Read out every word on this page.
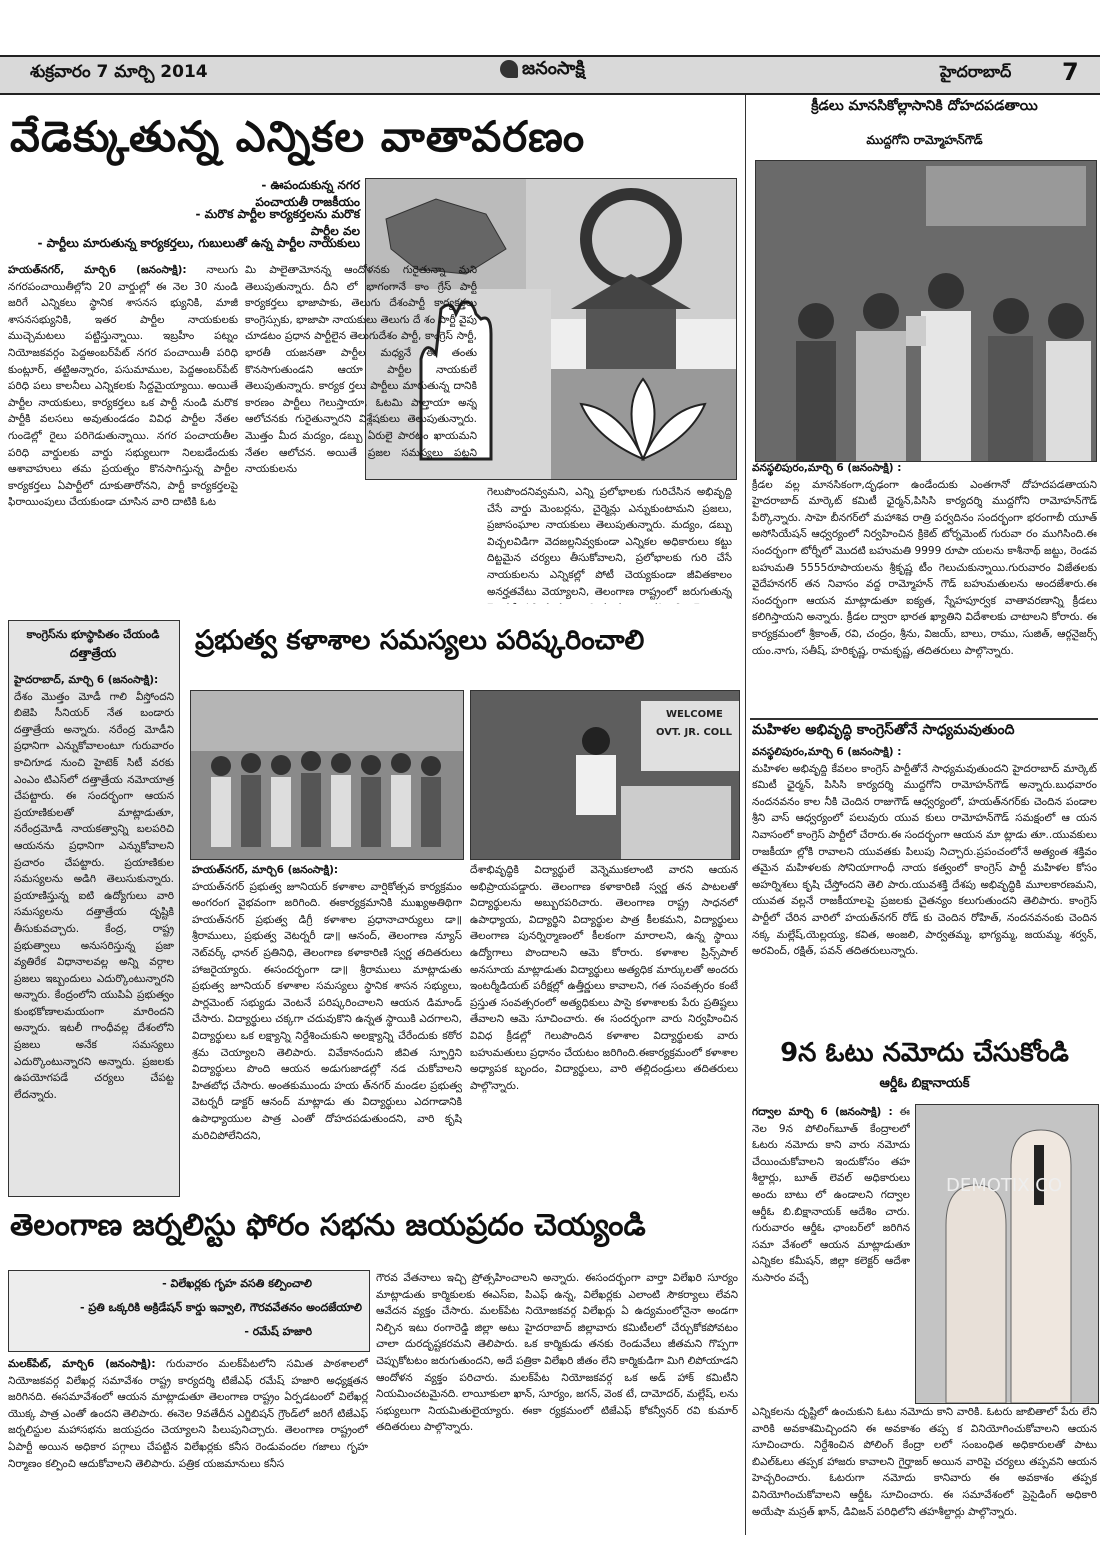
శుక్రవారం 7 మార్చి 2014	జనంసాక్షి	హైదరాబాద్ 7
వేడెక్కుతున్న ఎన్నికల వాతావరణం
- ఊపందుకున్న నగర పంచాయతీ రాజకీయం
- మరొక పార్టీల కార్యకర్తలను మరొక పార్టీల వల
- పార్టీలు మారుతున్న కార్యకర్తలు, గుబులుతో ఉన్న పార్టీల నాయకులు
హయత్‌నగర్, మార్చి6 (జనంసాక్షి): నాలుగు నగరపంచాయితీల్లోని 20 వార్డుల్లో ఈ నెల 30 నుండి జరిగే ఎన్నికలు స్థానిక శాసనస భ్యునికి, మాజీ శాసనసభ్యునికి, ఇతర పార్టీల నాయకులకు ముచ్చెమటలు పట్టిస్తున్నాయి. ఇబ్రహీం పట్నం నియోజకవర్గం పెద్దఅంబర్‌పేట్ నగర పంచాయితీ పరిధి కుంట్లూర్, తట్టిఅన్నారం, పసుమాముల, పెద్దఅంబర్‌పేట్ పరిధి పలు కాలనీలు ఎన్నికలకు సిద్దమైయ్యాయి. అయితే పార్టీల నాయకులు, కార్యకర్తలు ఒక పార్టీ నుండి మరొక పార్టీకి వలసలు అవుతుండడం వివిధ పార్టీల నేతల గుండెల్లో రైలు పరిగెడుతున్నాయి. నగర పంచాయతీల పరిధి వార్డులకు వార్డు సభ్యులుగా నిలబడేందుకు ఆశావాహులు తమ ప్రయత్నం కొనసాగిస్తున్న పార్టీల కార్యకర్తలు ఏపార్టీలో దూకుతారోనని, పార్టీ కార్యకర్తలపై ఫిరాయింపులు చేయకుండా చూసిన వారి దాటికి ఓట
మి పాలైతామోనన్న ఆందోళనకు గురైతున్నా మని తెలుపుతున్నారు. దీని లో భాగంగానే కాం గ్రేస్ పార్టీ కార్యకర్తలు భాజాపాకు, తెలుగు దేశంపార్టీ కార్యకర్తలు కాంగ్రెస్సుకు, భాజాపా నాయకులు తెలుగు దే శం పార్టీ వైపు చూడటం ప్రధాన పార్టీలైన తెలుగుదేశం పార్టీ, కాంగ్రెస్ సార్టీ, భారతీ యజనతా పార్టీల మధ్యనే ఈ తంతు కొనసాగుతుండని ఆయా పార్టీల నాయకులే తెలుపుతున్నారు. కార్యక ర్తలు పార్టీలు మారుతున్న దానికి కారణం పార్టీలు గెలుస్తాయా, ఓటమి పాల్తాయా అన్న ఆలోచనకు గురైతున్నారని విశ్లేషకులు తెలుపుతున్నారు. మొత్తం మీద మద్యం, డబ్బు ఏరులై పారటం ఖాయమని నేతల ఆలోచన. అయితే ప్రజల సమస్యలు పట్టని నాయకులను
గెలుపొందనివ్వమని, ఎన్ని ప్రలోభాలకు గురిచేసిన అభివృద్ది చేసే వార్డు మెంబర్లను, చైర్మెన్లు ఎన్నుకుంటామని ప్రజలు, ప్రజాసంఘాల నాయకులు తెలుపుతున్నారు. మద్యం, డబ్బు విచ్చలవిడిగా వెదజల్లనివ్వకుండా ఎన్నికల అధికారులు కట్టు దిట్టమైన చర్యలు తీసుకోవాలని, ప్రలోభాలకు గురి చేసే నాయకులను ఎన్నికల్లో పోటీ చెయ్యకుండా జీవితకాలం అనర్హతవేటు వెయ్యాలని, తెలంగాణ రాష్ట్రంలో జరుగుతున్న
క్రీడలు మానసికోల్లాసానికి దోహదపడతాయి
ముద్దగోని రామ్మోహన్‌గౌడ్
వనస్థలిపురం,మార్చి 6 (జనంసాక్షి) :
క్రీడల వల్ల మానసికంగా,దృఢంగా ఉండేందుకు ఎంతగానో దోహదపడతాయని హైదరాబాద్ మార్కెట్ కమిటీ ఛైర్మన్,పిసిసి కార్యదర్శి ముద్దగోని రామోహన్‌గౌడ్ పేర్కొన్నారు. సాహె బీనగర్‌లో మహాశివ రాత్రి పర్వదినం సందర్భంగా భరంగాబీ యూత్ అసోసియేషన్ ఆధ్వర్యంలో నిర్వహించిన క్రికెట్ టోర్నమెంట్ గురువా రం ముగిసింది.ఈ సందర్భంగా టోర్నీలో మొదటి బహుమతి 9999 రూపా యలను కాశీనాథ్ జట్టు, రెండవ బహుమతి 5555రూపాయలను శ్రీకృష్ణ టీం గెలుచుకున్నాయి.గురువారం విజేతలకు వైదేహనగర్ తన నివాసం వద్ద రామ్మోహన్ గౌడ్ బహుమతులను అందజేశారు.ఈ సందర్భంగా ఆయన మాట్లాడుతూ ఐక్యత, స్నేహపూర్వక వాతావరణాన్ని క్రీడలు కలిగిస్తాయని అన్నారు. క్రీడల ద్వారా భారత ఖ్యాతిని విదేశాలకు చాటాలని కోరారు. ఈ కార్యక్రమంలో శ్రీకాంత్, రవి, చంద్రం, శ్రీను, విజయ్, బాలు, రాము, సుజిత్, ఆర్గనైజర్స్ యం.నాగు, సతీష్, హరికృష్ణ, రామకృష్ణ, తదితరులు పాల్గొన్నారు.
మహిళల అభివృద్ధి కాంగ్రెస్‌తోనే సాధ్యమవుతుంది
వనస్థలిపురం,మార్చి 6 (జనంసాక్షి) :
మహిళల అభివృద్ది కేవలం కాంగ్రెస్ పార్టీతోనే సాధ్యమవుతుందని హైదరాబాద్ మార్కెట్ కమిటీ ఛైర్మన్, పిసిసి కార్యదర్శి ముద్దగోని రామోహన్‌గౌడ్ అన్నారు.బుధవారం నందనవనం కాల నీకి చెందిన రాజుగౌడ్ ఆధ్వర్యంలో, హయత్‌నగర్‌కు చెందిన పండాల శ్రీని వాస్ ఆధ్వర్యంలో పలువురు యువ కులు రామోహన్‌గౌడ్ సమక్షంలో ఆ యన నివాసంలో కాంగ్రెస్ పార్టీలో చేరారు.ఈ సందర్భంగా ఆయన మా ట్లాడు తూ..యువకులు రాజకీయా ల్లోకి రావాలని యువతకు పిలుపు నిచ్చారు.ప్రపంచంలోనే అత్యంత శక్తివం తమైన మహిళలకు సోనియాగాంధీ నాయ కత్వంలో కాంగ్రెస్ పార్టీ మహిళల కోసం అహర్నిశలు కృషి చేస్తోందని తెలి పారు.యువశక్తి దేశపు అభివృద్ధికి మూలకారణమని, యువత వల్లనే రాజకీయాలపై ప్రజలకు చైతన్యం కలుగుతుందని తెలిపారు. కాంగ్రెస్ పార్టీలో చేరిన వారిలో హయత్‌నగర్ రోడ్ కు చెందిన రోహిత్, నందనవనంకు చెందిన నక్క మల్లేష్,యెల్లయ్య, కవిత, అంజలి, పార్వతమ్మ, భాగ్యమ్మ, జయమ్మ, శర్వన్, అరవింద్, రక్షిత్, పవన్ తదితరులున్నారు.
9న ఓటు నమోదు చేసుకోండి
ఆర్డీఓ బిక్షానాయక్
గద్వాల మార్చి 6 (జనంసాక్షి) : ఈ నెల 9న పోలింగ్‌బూత్ కేంద్రాలలో ఓటరు నమోదు కాని వారు నమోదు చేయించుకోవాలని ఇందుకోసం తహ శీల్దార్లు, బూత్ లెవల్ అధికారులు అందు బాటు లో ఉండాలని గద్వాల ఆర్డీఓ బి.బిక్షానాయక్ ఆదేశిం చారు. గురువారం ఆర్డీఓ ఛాంబర్‌లో జరిగిన సమా వేశంలో ఆయన మాట్లాడుతూ ఎన్నికల కమీషన్, జిల్లా కలెక్టర్ ఆదేశా నుసారం వచ్చే
DEMOTIX.CO
ఎన్నికలను దృష్టిలో ఉంచుకుని ఓటు నమోదు కాని వారికి. ఓటరు జాబితాలో పేరు లేని వారికి అవకాశమిచ్చిందని ఈ అవకాశం తప్ప క వినియోగించుకోవాలని ఆయన సూచించారు. నిర్దేశించిన పోలింగ్ కేంద్రా లలో సంబంధిత అధికారులతో పాటు బిఎల్‌ఓలు తప్పక హాజరు కావాలని గైర్హాజర్ అయిన వారిపై చర్యలు తప్పవని ఆయన హెచ్చరించారు. ఓటరుగా నమోదు కానివారు ఈ అవకాశం తప్పక వినియోగించుకోవాలని ఆర్డీఓ సూచించారు. ఈ సమావేశంలో ప్రెసైడింగ్ అధికారి అయేషా మస్రత్ ఖాన్, డివిజన్ పరిధిలోని తహశీల్దార్లు పాల్గొన్నారు.
కాంగ్రెస్‌ను భూస్థాపితం చేయండి
దత్తాత్రేయ
హైదరాబాద్, మార్చి 6 (జనంసాక్షి):
దేశం మొత్తం మోడీ గాలి వీస్తోందని బిజెపి సీనియర్ నేత బండారు దత్తాత్రేయ అన్నారు. నరేంద్ర మోడీని ప్రధానిగా ఎన్నుకోవాలంటూ గురువారం కాచిగూడ నుంచి హైటెక్ సిటీ వరకు ఎంఎం టిఎస్‌లో దత్తాత్రేయ నమోయాత్ర చేపట్టారు. ఈ సందర్భంగా ఆయన ప్రయాణికులతో మాట్లాడుతూ, నరేంద్రమోడీ నాయకత్వాన్ని బలపరిచి ఆయనను ప్రధానిగా ఎన్నుకోవాలని ప్రచారం చేపట్టారు. ప్రయాణికుల సమస్యలను అడిగి తెలుసుకున్నారు. ప్రయాణిస్తున్న ఐటి ఉద్యోగులు వారి సమస్యలను దత్తాత్రేయ దృష్టికి తీసుకువచ్చారు. కేంద్ర, రాష్ట్ర ప్రభుత్వాలు అనుసరిస్తున్న ప్రజా వ్యతిరేక విధానాలవల్ల అన్ని వర్గాల ప్రజలు ఇబ్బందులు ఎదుర్కొంటున్నారని అన్నారు. కేంద్రంలోని యుపిఏ ప్రభుత్వం కుంభకోణాలమయంగా మారిందని అన్నారు. ఇటలీ గాంధీవల్ల దేశంలోని ప్రజలు అనేక సమస్యలు ఎదుర్కొంటున్నారని అన్నారు. ప్రజలకు ఉపయోగపడే చర్యలు చేపట్ట లేదన్నారు.
ప్రభుత్వ కళాశాల సమస్యలు పరిష్కరించాలి
WELCOME
OVT. JR. COLL
హయత్‌నగర్, మార్చి6 (జనంసాక్షి):
హయత్‌నగర్ ప్రభుత్వ జూనియర్ కళాశాల వార్షికోత్సవ కార్యక్రమం అంగరంగ వైభవంగా జరిగింది. ఈకార్యక్రమానికి ముఖ్యఅతిథిగా హయత్‌నగర్ ప్రభుత్వ డిగ్రీ కళాశాల ప్రధానాచార్యులు డా॥ శ్రీరాములు, ప్రభుత్వ వెటర్నరీ డా॥ ఆనంద్, తెలంగాణ న్యూస్ నెట్‌వర్క్ ఛానల్ ప్రతినిధి, తెలంగాణ కళాకారిణి స్వర్ణ తదితరులు హాజరైయ్యారు. ఈసందర్భంగా డా॥ శ్రీరాములు మాట్లాడుతు ప్రభుత్వ జూనియర్ కళాశాల సమస్యలు స్థానిక శాసన సభ్యులు, పార్లమెంట్ సభ్యుడు వెంటనే పరిష్కరించాలని ఆయన డిమాండ్ చేసారు. విద్యార్థులు చక్కగా చదువుకొని ఉన్నత స్థాయికి ఎదగాలని, విద్యార్థులు ఒక లక్ష్యాన్ని నిర్దేశించుకుని అలక్ష్యాన్ని చేరేందుకు కఠోర శ్రమ చెయ్యాలని తెలిపారు. వివేకానందుని జీవిత స్ఫూర్తిని విద్యార్థులు పొంది ఆయన అడుగుజాడల్లో నడ చుకోవాలని హితబోధ చేసారు. అంతకుముందు హయ త్‌నగర్ మండల ప్రభుత్వ వెటర్నరీ డాక్టర్ ఆనంద్ మాట్లాడు తు విద్యార్థులు ఎదగాడానికి ఉపాధ్యాయుల పాత్ర ఎంతో దోహదపడుతుందని, వారి కృషి మరిచిపోలేనిదని,
దేశాభివృద్ధికి విద్యార్థులే వెన్నెముకలాంటి వారని ఆయన అభిప్రాయపడ్డారు. తెలంగాణ కళాకారిణి స్వర్ణ తన పాటలతో విద్యార్థులను అబ్బురపరిచారు. తెలంగాణ రాష్ట్ర సాధనలో ఉపాధ్యాయ, విద్యార్థిని విద్యార్థుల పాత్ర కీలకమని, విద్యార్థులు తెలంగాణ పునర్నిర్మాణంలో కీలకంగా మారాలని, ఉన్న స్థాయి ఉద్యోగాలు పొందాలని ఆమె కోరారు. కళాశాల ప్రిన్స్‌పాల్ అనసూయ మాట్లాడుతు విద్యార్థులు అత్యధిక మార్కులతో అందరు ఇంటర్మీడియట్ పరీక్షల్లో ఉత్తీర్ణులు కావాలని, గత సంవత్సరం కంటే ప్రస్తుత సంవత్సరంలో అత్యధికులు పాసై కళాశాలకు పేరు ప్రతిష్టలు తేవాలని ఆమె సూచించారు. ఈ సందర్భంగా వారు నిర్వహించిన వివిధ క్రీడల్లో గెలుపొందిన కళాశాల విద్యార్థులకు వారు బహుమతులు ప్రధానం చేయటం జరిగింది.ఈకార్యక్రమంలో కళాశాల అధ్యాపక బృందం, విద్యార్థులు, వారి తల్లిదండ్రులు తదితరులు పాల్గొన్నారు.
తెలంగాణ జర్నలిస్టు ఫోరం సభను జయప్రదం చెయ్యండి
- విలేఖర్లకు గృహ వసతి కల్పించాలి
- ప్రతి ఒక్కరికి అక్రిడేషన్ కార్డు ఇవ్వాలి, గౌరవవేతనం అందజేయాలి
- రమేష్ హజారి
మలక్‌పేట్, మార్చి6 (జనంసాక్షి): గురువారం మలక్‌పేటలోని సమిత పాఠశాలలో నియోజకవర్గ విలేఖర్ల సమావేశం రాష్ట్ర కార్యదర్శి టిజేఎఫ్ రమేష్ హజారి అధ్యక్షతన జరిగినది. ఈసమావేశంలో ఆయన మాట్లాడుతూ తెలంగాణ రాష్ట్రం ఏర్పడటంలో విలేఖర్ల యొక్క పాత్ర ఎంతో ఉందని తెలిపారు. ఈనెల 9వతేదీన ఎగ్జిబిషన్ గ్రౌండ్‌లో జరిగే టిజేఎఫ్ జర్నలిస్టుల మహాసభను జయప్రదం చెయ్యాలని పిలుపునిచ్చారు. తెలంగాణ రాష్ట్రంలో ఏపార్టీ అయిన అధికార పగ్గాలు చేపట్టిన విలేఖర్లకు కనీస రెండువందల గజాలు గృహ నిర్మాణం కల్పించి ఆదుకోవాలని తెలిపారు. పత్రిక యజమానులు కనీస
గౌరవ వేతనాలు ఇచ్చి ప్రోత్సహించాలని అన్నారు. ఈసందర్భంగా వార్తా విలేఖరి సూర్యం మాట్లాడుతు కార్మికులకు ఈఎస్ఐ, పిఎఫ్ ఉన్న, విలేఖర్లకు ఎలాంటి సౌకర్యాలు లేవని ఆవేదన వ్యక్తం చేసారు. మలక్‌పేట నియోజకవర్గ విలేఖర్లు ఏ ఉద్యమంలోనైనా అండగా నిల్చిన ఇటు రంగారెడ్డి జిల్లా అటు హైదరాబాద్ జిల్లావారు కమిటీలలో చేర్చుకోకపోవటం చాలా దురదృష్టకరమని తెలిపారు. ఒక కార్మికుడు తనకు రెండువేలు జీతమని గొప్పగా చెప్పుకోటటం జరుగుతుందని, అదే పత్రికా విలేఖరి జీతం లేని కార్మికుడిగా మిగి లిపోయాడని ఆందోళన వ్యక్తం పరిచారు. మలక్‌పేట నియోజకవర్గ ఒక అడ్ హాక్ కమిటీని నియమించటమైనది. లాయీకులా ఖాన్, సూర్యం, జగన్, వెంక టే, దామోదర్, మల్లేష్, లను సభ్యులుగా నియమితులైయ్యారు. ఈకా ర్యక్రమంలో టిజేఎఫ్ కోకన్వీనర్ రవి కుమార్ తదితరులు పాల్గొన్నారు.
